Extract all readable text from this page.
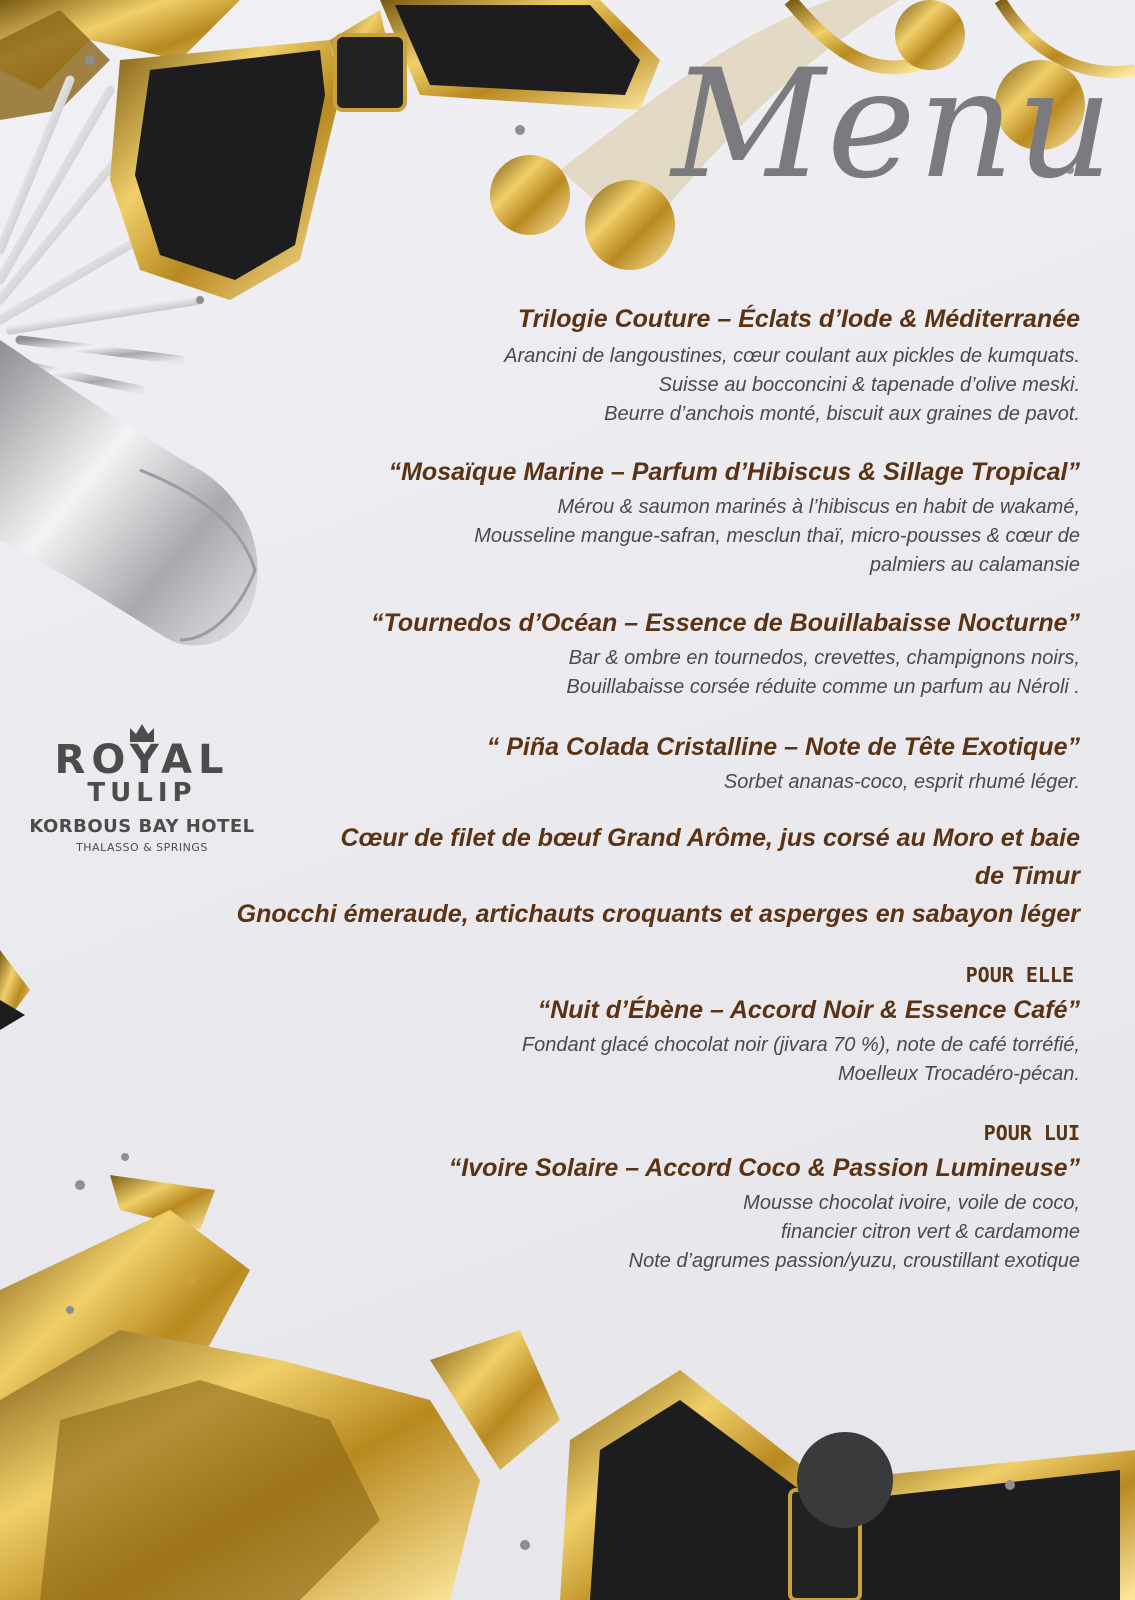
Menu
Trilogie Couture – Éclats d’Iode & Méditerranée
Arancini de langoustines, cœur coulant aux pickles de kumquats.
Suisse au bocconcini & tapenade d’olive meski.
Beurre d’anchois monté, biscuit aux graines de pavot.
“Mosaïque Marine – Parfum d’Hibiscus & Sillage Tropical”
Mérou & saumon marinés à l’hibiscus en habit de wakamé,
Mousseline mangue-safran, mesclun thaï, micro-pousses & cœur de
palmiers au calamansie
“Tournedos d’Océan – Essence de Bouillabaisse Nocturne”
Bar & ombre en tournedos, crevettes, champignons noirs,
Bouillabaisse corsée réduite comme un parfum au Néroli .
“ Piña Colada Cristalline – Note de Tête Exotique”
Sorbet ananas-coco, esprit rhumé léger.
Cœur de filet de bœuf Grand Arôme, jus corsé au Moro et baie
de Timur
Gnocchi émeraude, artichauts croquants et asperges en sabayon léger
POUR ELLE
“Nuit d’Ébène – Accord Noir & Essence Café”
Fondant glacé chocolat noir (jivara 70 %), note de café torréfié,
Moelleux Trocadéro-pécan.
POUR LUI
“Ivoire Solaire – Accord Coco & Passion Lumineuse”
Mousse chocolat ivoire, voile de coco,
financier citron vert & cardamome
Note d’agrumes passion/yuzu, croustillant exotique
ROYAL
TULIP
KORBOUS BAY HOTEL
THALASSO & SPRINGS
